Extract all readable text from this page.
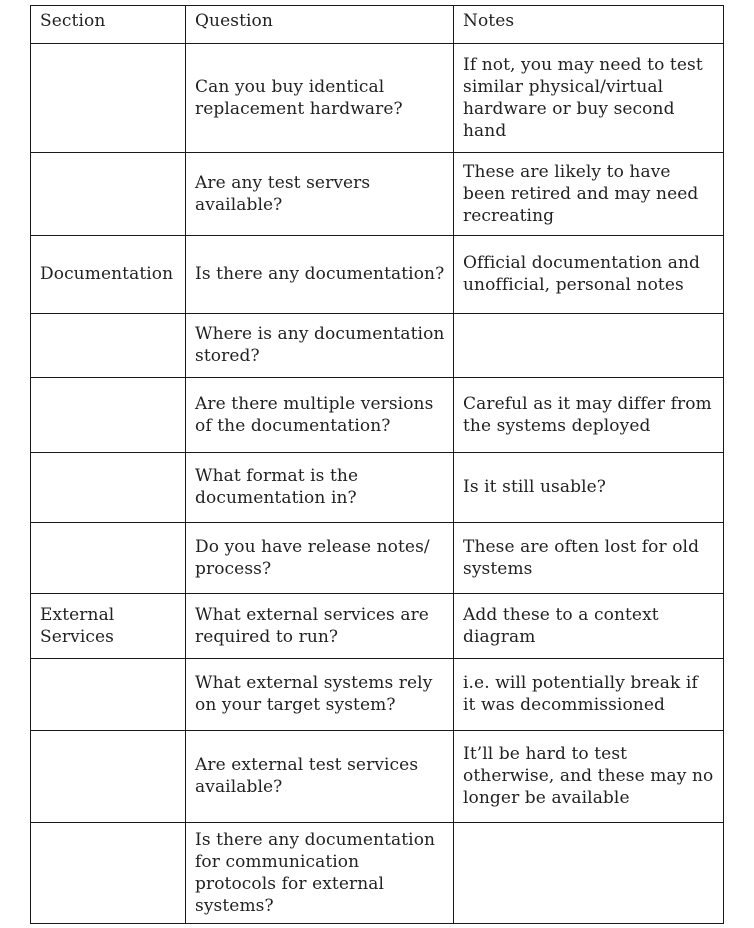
Section	Question	Notes
	Can you buy identical replacement hardware?	If not, you may need to test similar physical/virtual hardware or buy second hand
	Are any test servers available?	These are likely to have been retired and may need recreating
Documentation	Is there any documentation?	Official documentation and unofficial, personal notes
	Where is any documentation stored?	
	Are there multiple versions of the documentation?	Careful as it may differ from the systems deployed
	What format is the documentation in?	Is it still usable?
	Do you have release notes/ process?	These are often lost for old systems
External Services	What external services are required to run?	Add these to a context diagram
	What external systems rely on your target system?	i.e. will potentially break if it was decommissioned
	Are external test services available?	It’ll be hard to test otherwise, and these may no longer be available
	Is there any documentation for communication protocols for external systems?	
